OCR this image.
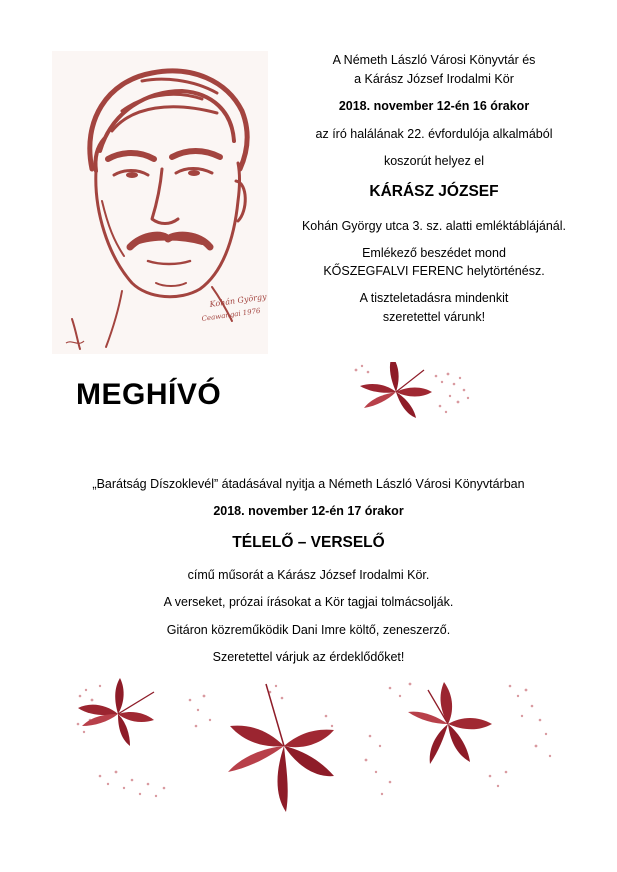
Kohán György
Ceawangai 1976
A Németh László Városi Könyvtár és
a Kárász József Irodalmi Kör
2018. november 12-én 16 órakor
az író halálának 22. évfordulója alkalmából
koszorút helyez el
KÁRÁSZ JÓZSEF
Kohán György utca 3. sz. alatti emléktáblájánál.
Emlékező beszédet mond
KŐSZEGFALVI FERENC helytörténész.
A tiszteletadásra mindenkit
szeretettel várunk!
MEGHÍVÓ
„Barátság Díszoklevél” átadásával nyitja a Németh László Városi Könyvtárban
2018. november 12-én 17 órakor
TÉLELŐ – VERSELŐ
című műsorát a Kárász József Irodalmi Kör.
A verseket, prózai írásokat a Kör tagjai tolmácsolják.
Gitáron közreműködik Dani Imre költő, zeneszerző.
Szeretettel várjuk az érdeklődőket!
